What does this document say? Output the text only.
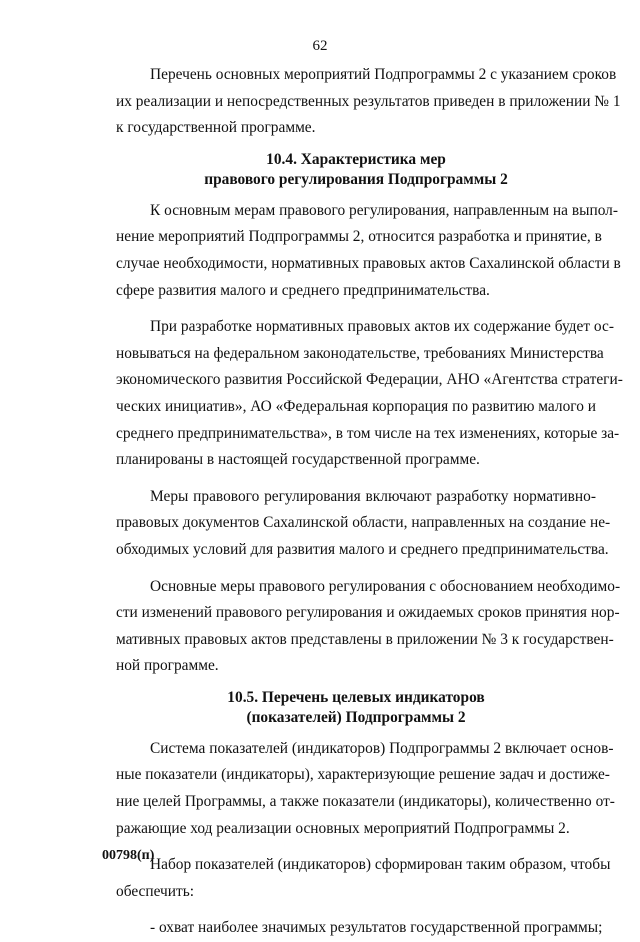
62

Перечень основных мероприятий Подпрограммы 2 с указанием сроков
их реализации и непосредственных результатов приведен в приложении № 1
к государственной программе.

10.4. Характеристика мер
правового регулирования Подпрограммы 2

К основным мерам правового регулирования, направленным на выпол-
нение мероприятий Подпрограммы 2, относится разработка и принятие, в
случае необходимости, нормативных правовых актов Сахалинской области в
сфере развития малого и среднего предпринимательства.

При разработке нормативных правовых актов их содержание будет ос-
новываться на федеральном законодательстве, требованиях Министерства
экономического развития Российской Федерации, АНО «Агентства стратеги-
ческих инициатив», АО «Федеральная корпорация по развитию малого и
среднего предпринимательства», в том числе на тех изменениях, которые за-
планированы в настоящей государственной программе.

Меры правового регулирования включают разработку нормативно-
правовых документов Сахалинской области, направленных на создание не-
обходимых условий для развития малого и среднего предпринимательства.

Основные меры правового регулирования с обоснованием необходимо-
сти изменений правового регулирования и ожидаемых сроков принятия нор-
мативных правовых актов представлены в приложении № 3 к государствен-
ной программе.

10.5. Перечень целевых индикаторов
(показателей) Подпрограммы 2

Система показателей (индикаторов) Подпрограммы 2 включает основ-
ные показатели (индикаторы), характеризующие решение задач и достиже-
ние целей Программы, а также показатели (индикаторы), количественно от-
ражающие ход реализации основных мероприятий Подпрограммы 2.

Набор показателей (индикаторов) сформирован таким образом, чтобы
обеспечить:

- охват наиболее значимых результатов государственной программы;

00798(п)
